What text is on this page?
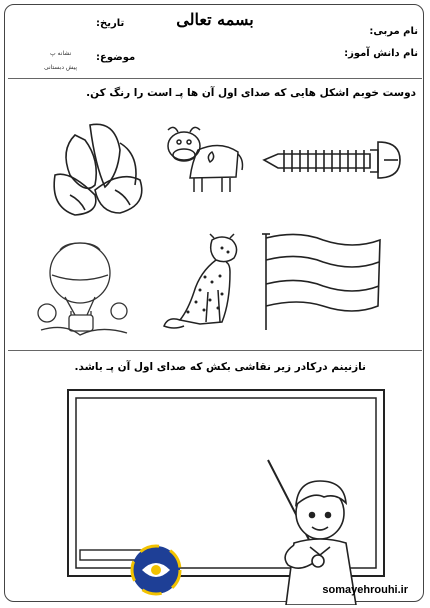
بسمه تعالی
نام مربی:
نام دانش آموز:
تاریخ:
موضوع:
نشانه پ
پیش دبستانی
دوست خوبم اشکل هایی که صدای اول آن ها پـ است را رنگ کن.
نازنینم درکادر زیر نقاشی بکش که صدای اول آن پـ باشد.
somayehrouhi.ir
